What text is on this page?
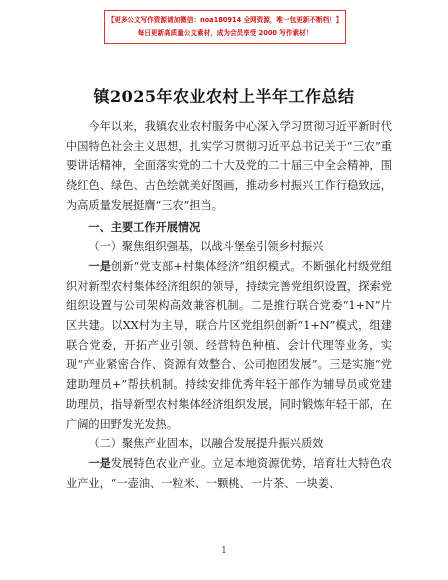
【更多公文写作资源请加微信：noa180914 全网资源，唯一包更新不断档！】
每日更新高质量公文素材，成为会员享受 2000 写作素材！
镇2025年农业农村上半年工作总结

今年以来，我镇农业农村服务中心深入学习贯彻习近平新时代中国特色社会主义思想，扎实学习贯彻习近平总书记关于“三农”重要讲话精神，全面落实党的二十大及党的二十届三中全会精神，围绕红色、绿色、古色绘就美好图画，推动乡村振兴工作行稳致远，为高质量发展挺膺“三农”担当。

一、主要工作开展情况

（一）聚焦组织强基，以战斗堡垒引领乡村振兴

一是创新“党支部+村集体经济”组织模式。不断强化村级党组织对新型农村集体经济组织的领导，持续完善党组织设置，探索党组织设置与公司架构高效兼容机制。二是推行联合党委“1+N”片区共建。以XX村为主导，联合片区党组织创新“1+N”模式，组建联合党委，开拓产业引领、经营特色种植、会计代理等业务，实现“产业紧密合作、资源有效整合、公司抱团发展”。三是实施“党建助理员+”帮扶机制。持续安排优秀年轻干部作为辅导员或党建助理员，指导新型农村集体经济组织发展，同时锻炼年轻干部，在广阔的田野发光发热。

（二）聚焦产业固本，以融合发展提升振兴质效

一是发展特色农业产业。立足本地资源优势，培育壮大特色农业产业，“一壶油、一粒米、一颗桃、一片茶、一块姜、

1
